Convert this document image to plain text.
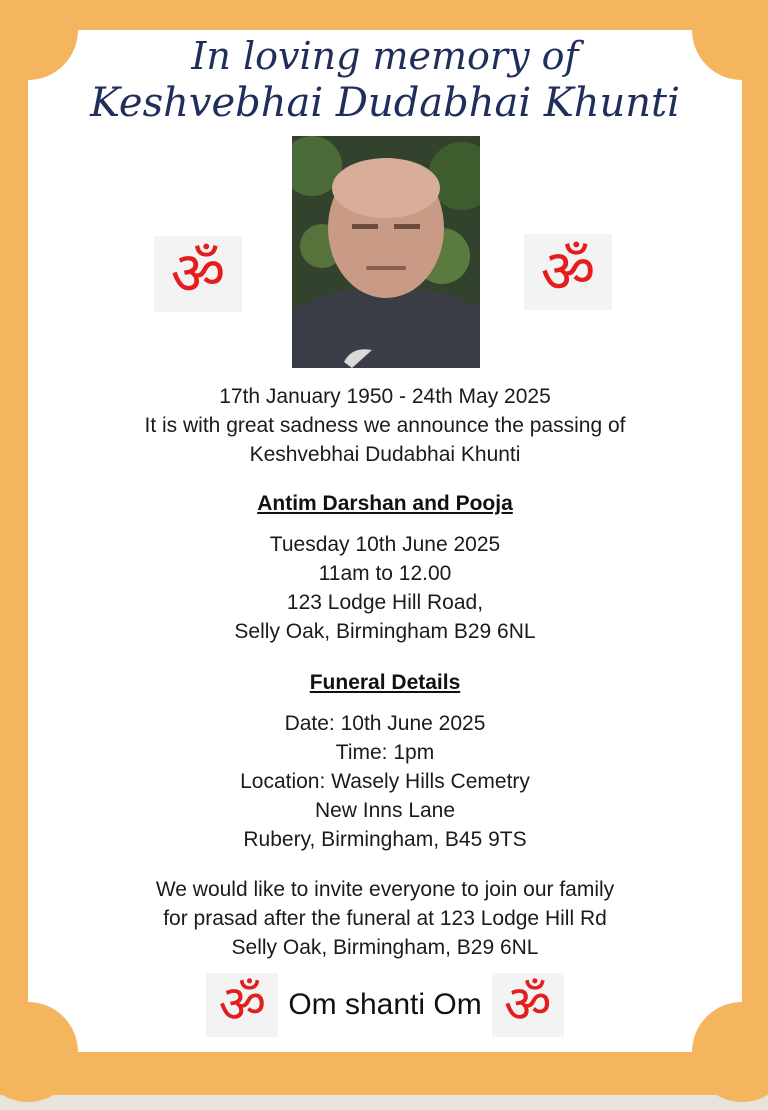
In loving memory of
Keshvebhai Dudabhai Khunti
ॐ	ॐ
17th January 1950 - 24th May 2025
It is with great sadness we announce the passing of
Keshvebhai Dudabhai Khunti
Antim Darshan and Pooja
Tuesday 10th June 2025
11am to 12.00
123 Lodge Hill Road,
Selly Oak, Birmingham B29 6NL
Funeral Details
Date: 10th June 2025
Time: 1pm
Location: Wasely Hills Cemetry
New Inns Lane
Rubery, Birmingham, B45 9TS
We would like to invite everyone to join our family
for prasad after the funeral at 123 Lodge Hill Rd
Selly Oak, Birmingham, B29 6NL
ॐ Om shanti Om ॐ
